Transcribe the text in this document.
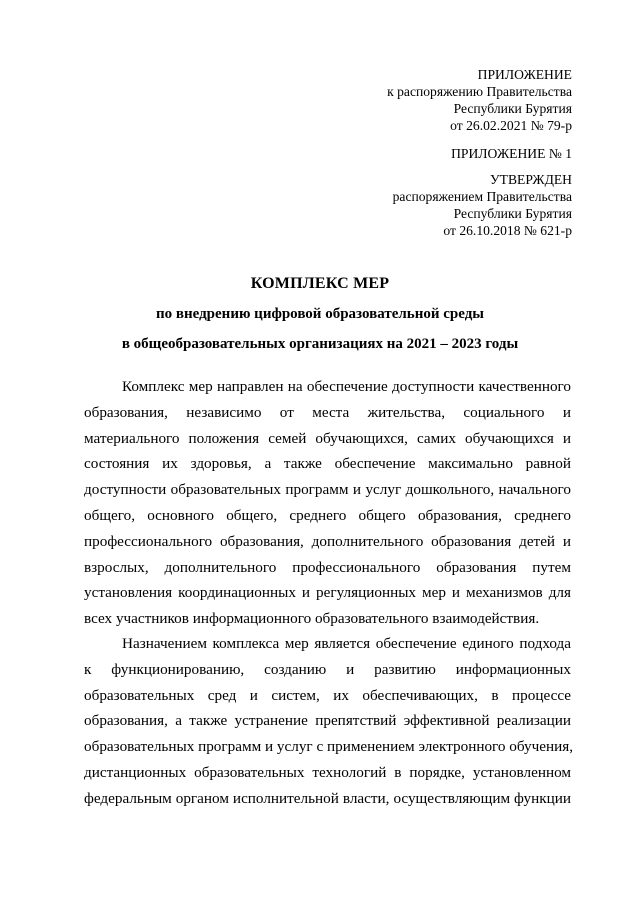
ПРИЛОЖЕНИЕ
к распоряжению Правительства
Республики Бурятия
от 26.02.2021 № 79-р
ПРИЛОЖЕНИЕ № 1
УТВЕРЖДЕН
распоряжением Правительства
Республики Бурятия
от 26.10.2018 № 621-р
КОМПЛЕКС МЕР
по внедрению цифровой образовательной среды
в общеобразовательных организациях на 2021 – 2023 годы
Комплекс мер направлен на обеспечение доступности качественного
образования, независимо от места жительства, социального и
материального положения семей обучающихся, самих обучающихся и
состояния их здоровья, а также обеспечение максимально равной
доступности образовательных программ и услуг дошкольного, начального
общего, основного общего, среднего общего образования, среднего
профессионального образования, дополнительного образования детей и
взрослых, дополнительного профессионального образования путем
установления координационных и регуляционных мер и механизмов для
всех участников информационного образовательного взаимодействия.
Назначением комплекса мер является обеспечение единого подхода
к функционированию, созданию и развитию информационных
образовательных сред и систем, их обеспечивающих, в процессе
образования, а также устранение препятствий эффективной реализации
образовательных программ и услуг с применением электронного обучения,
дистанционных образовательных технологий в порядке, установленном
федеральным органом исполнительной власти, осуществляющим функции
